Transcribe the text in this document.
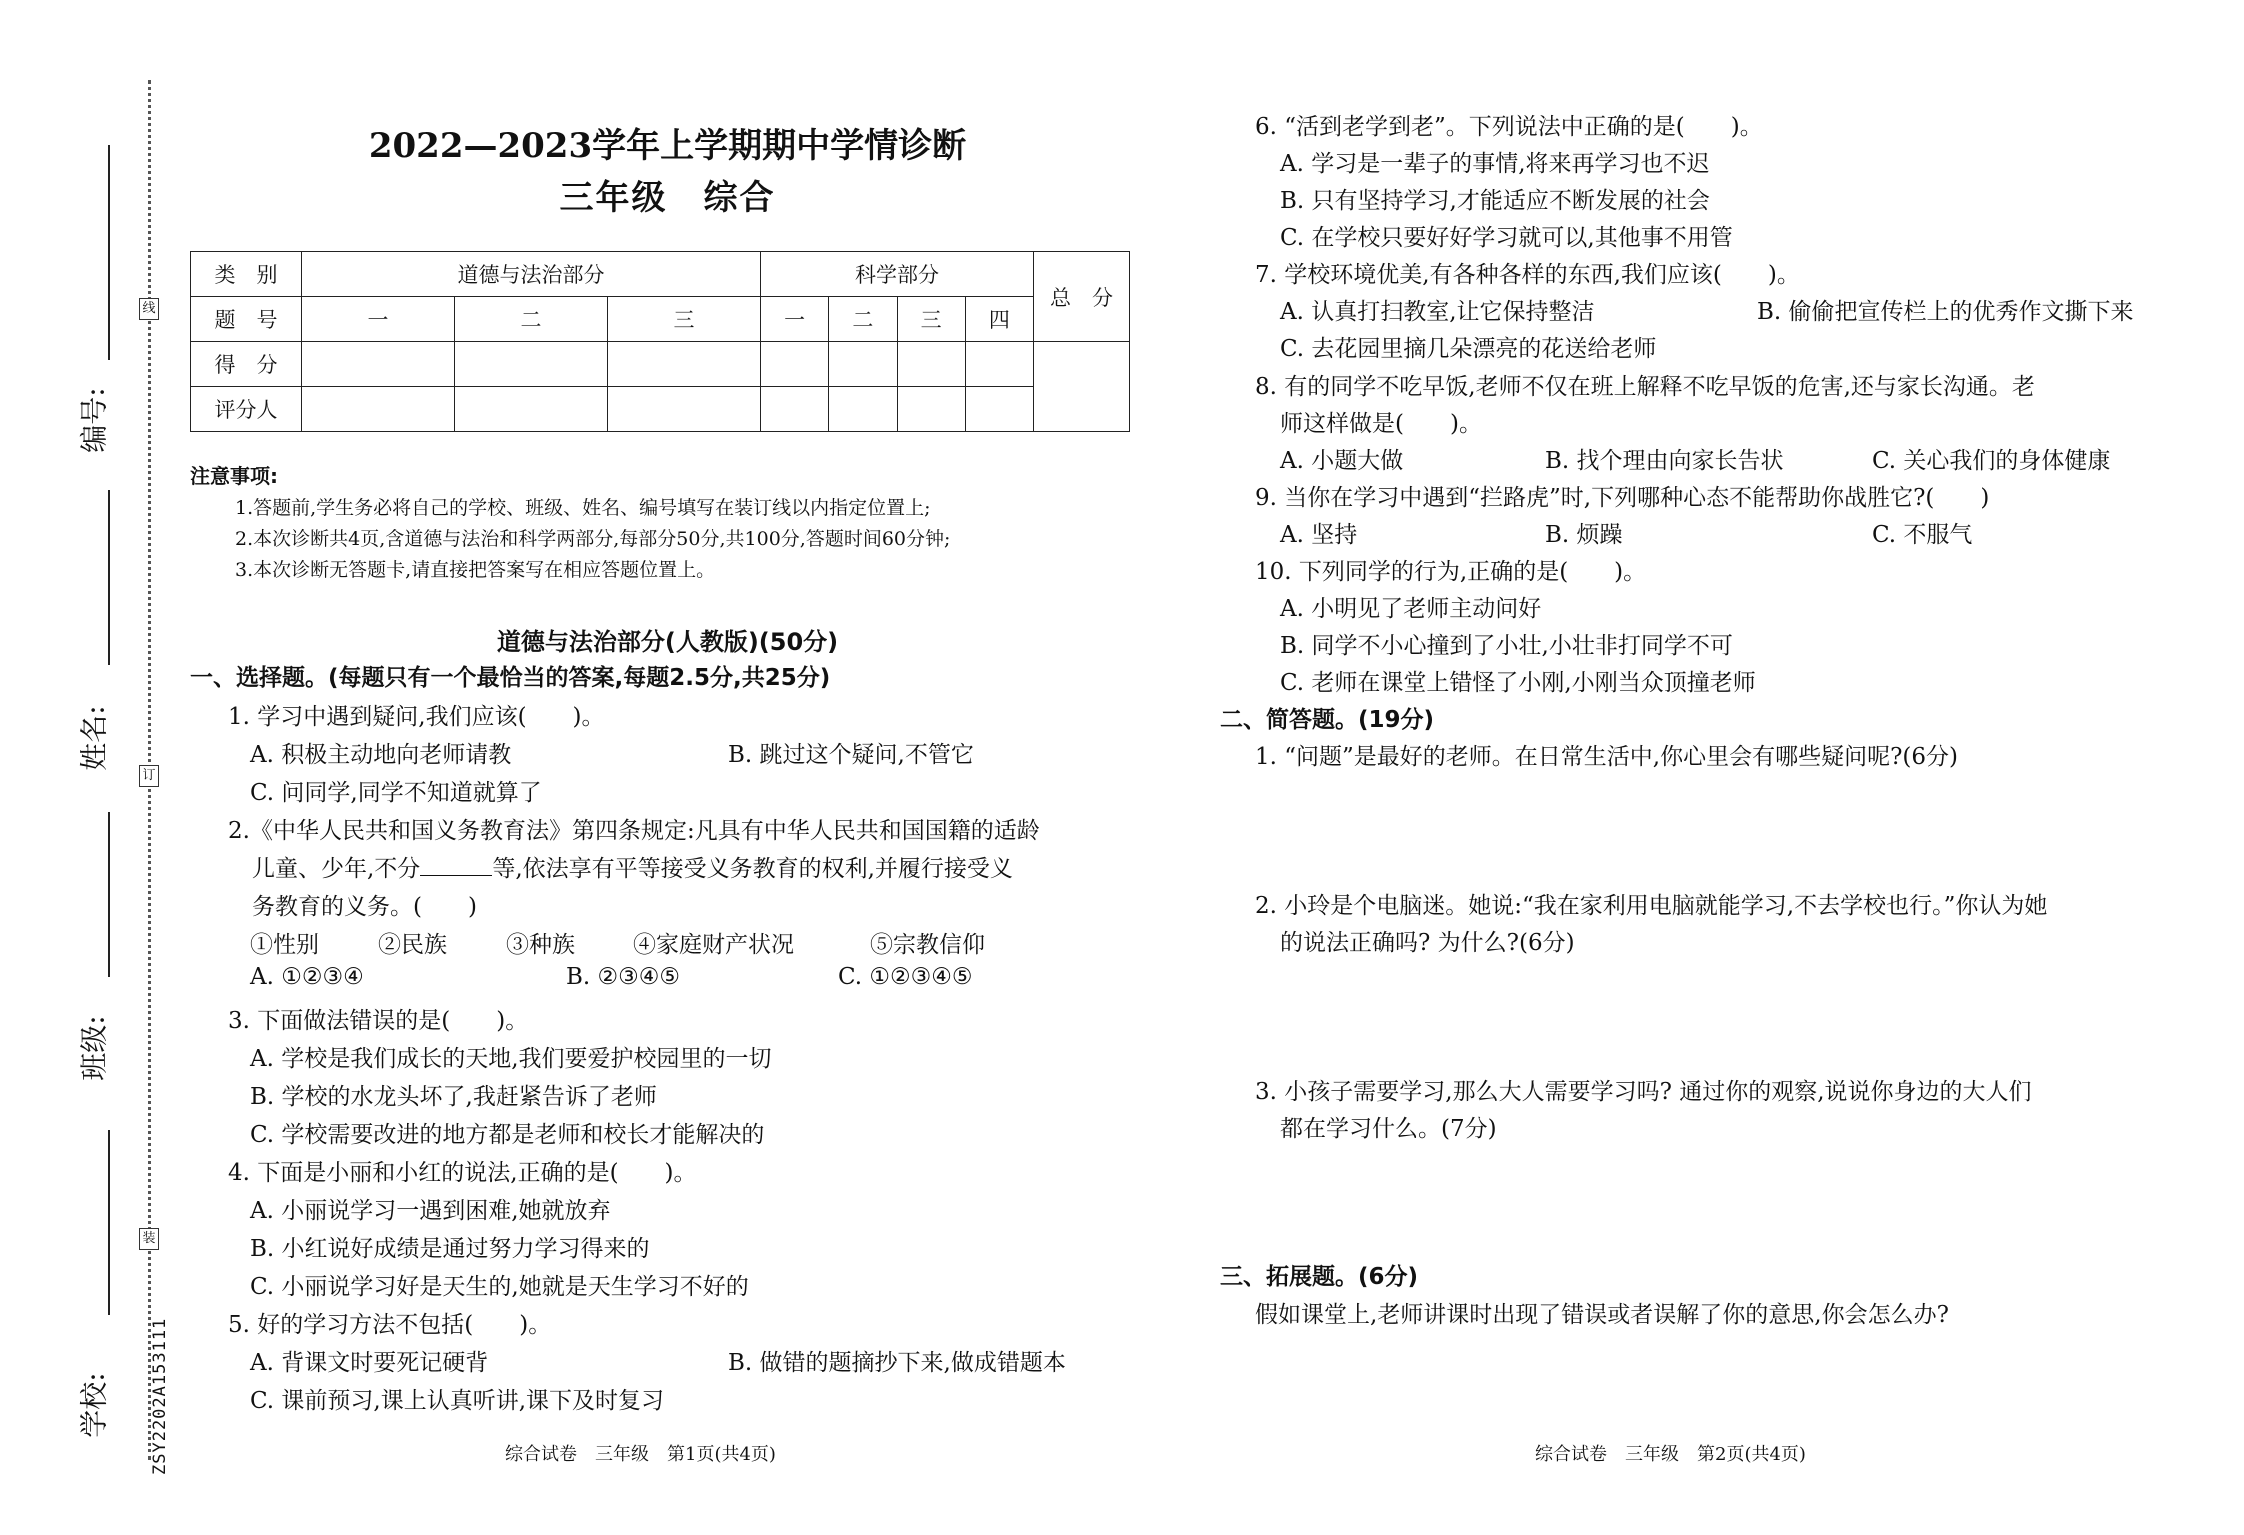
线
订
装
编号:
姓名:
班级:
学校: ZSY2202A153111
2022—2023学年上学期期中学情诊断
三年级　综合
类　别	道德与法治部分			科学部分				总　分
题　号	一	二	三	一	二	三	四	
得　分								
评分人								
注意事项:
1.答题前,学生务必将自己的学校、班级、姓名、编号填写在装订线以内指定位置上;
2.本次诊断共4页,含道德与法治和科学两部分,每部分50分,共100分,答题时间60分钟;
3.本次诊断无答题卡,请直接把答案写在相应答题位置上。
道德与法治部分(人教版)(50分)
一、选择题。(每题只有一个最恰当的答案,每题2.5分,共25分)
1. 学习中遇到疑问,我们应该(　　)。
A. 积极主动地向老师请教	B. 跳过这个疑问,不管它
C. 问同学,同学不知道就算了
2.《中华人民共和国义务教育法》第四条规定:凡具有中华人民共和国国籍的适龄
儿童、少年,不分	等,依法享有平等接受义务教育的权利,并履行接受义
务教育的义务。(　　)
①性别	②民族	③种族	④家庭财产状况	⑤宗教信仰
A. ①②③④	B. ②③④⑤	C. ①②③④⑤
3. 下面做法错误的是(　　)。
A. 学校是我们成长的天地,我们要爱护校园里的一切
B. 学校的水龙头坏了,我赶紧告诉了老师
C. 学校需要改进的地方都是老师和校长才能解决的
4. 下面是小丽和小红的说法,正确的是(　　)。
A. 小丽说学习一遇到困难,她就放弃
B. 小红说好成绩是通过努力学习得来的
C. 小丽说学习好是天生的,她就是天生学习不好的
5. 好的学习方法不包括(　　)。
A. 背课文时要死记硬背	B. 做错的题摘抄下来,做成错题本
C. 课前预习,课上认真听讲,课下及时复习
综合试卷　三年级　第1页(共4页)
6. “活到老学到老”。下列说法中正确的是(　　)。
A. 学习是一辈子的事情,将来再学习也不迟
B. 只有坚持学习,才能适应不断发展的社会
C. 在学校只要好好学习就可以,其他事不用管
7. 学校环境优美,有各种各样的东西,我们应该(　　)。
A. 认真打扫教室,让它保持整洁	B. 偷偷把宣传栏上的优秀作文撕下来
C. 去花园里摘几朵漂亮的花送给老师
8. 有的同学不吃早饭,老师不仅在班上解释不吃早饭的危害,还与家长沟通。老
师这样做是(　　)。
A. 小题大做	B. 找个理由向家长告状	C. 关心我们的身体健康
9. 当你在学习中遇到“拦路虎”时,下列哪种心态不能帮助你战胜它?(　　)
A. 坚持	B. 烦躁	C. 不服气
10. 下列同学的行为,正确的是(　　)。
A. 小明见了老师主动问好
B. 同学不小心撞到了小壮,小壮非打同学不可
C. 老师在课堂上错怪了小刚,小刚当众顶撞老师
二、简答题。(19分)
1. “问题”是最好的老师。在日常生活中,你心里会有哪些疑问呢?(6分)
2. 小玲是个电脑迷。她说:“我在家利用电脑就能学习,不去学校也行。”你认为她
的说法正确吗? 为什么?(6分)
3. 小孩子需要学习,那么大人需要学习吗? 通过你的观察,说说你身边的大人们
都在学习什么。(7分)
三、拓展题。(6分)
假如课堂上,老师讲课时出现了错误或者误解了你的意思,你会怎么办?
综合试卷　三年级　第2页(共4页)
